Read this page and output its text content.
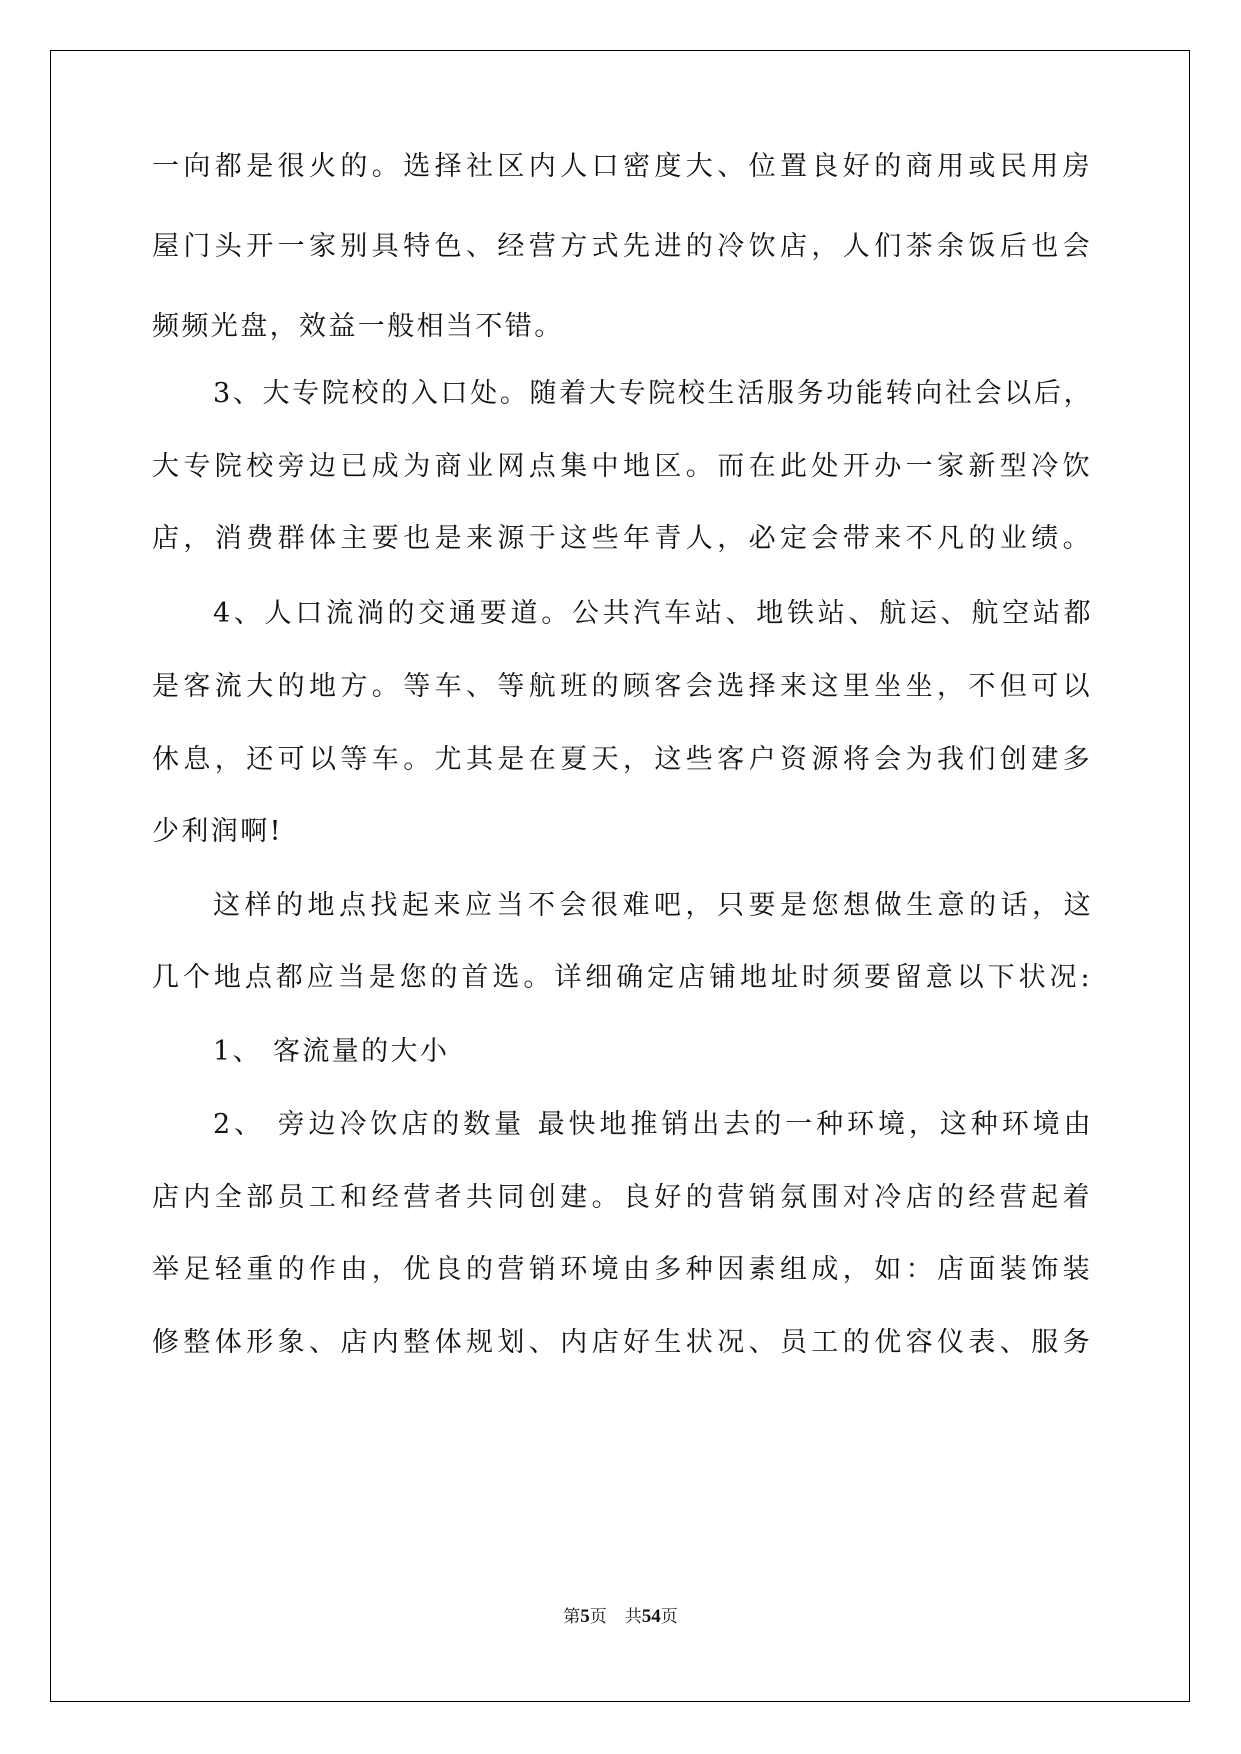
一向都是很火的。选择社区内人口密度大、位置良好的商用或民用房
屋门头开一家别具特色、经营方式先进的冷饮店，人们茶余饭后也会
频频光盘，效益一般相当不错。
3、大专院校的入口处。随着大专院校生活服务功能转向社会以后，
大专院校旁边已成为商业网点集中地区。而在此处开办一家新型冷饮
店，消费群体主要也是来源于这些年青人，必定会带来不凡的业绩。
4、人口流淌的交通要道。公共汽车站、地铁站、航运、航空站都
是客流大的地方。等车、等航班的顾客会选择来这里坐坐，不但可以
休息，还可以等车。尤其是在夏天，这些客户资源将会为我们创建多
少利润啊!
这样的地点找起来应当不会很难吧，只要是您想做生意的话，这
几个地点都应当是您的首选。详细确定店铺地址时须要留意以下状况:
1、 客流量的大小
2、 旁边冷饮店的数量 最快地推销出去的一种环境，这种环境由
店内全部员工和经营者共同创建。良好的营销氛围对冷店的经营起着
举足轻重的作由，优良的营销环境由多种因素组成，如：店面装饰装
修整体形象、店内整体规划、内店好生状况、员工的优容仪表、服务
第5页 共54页
